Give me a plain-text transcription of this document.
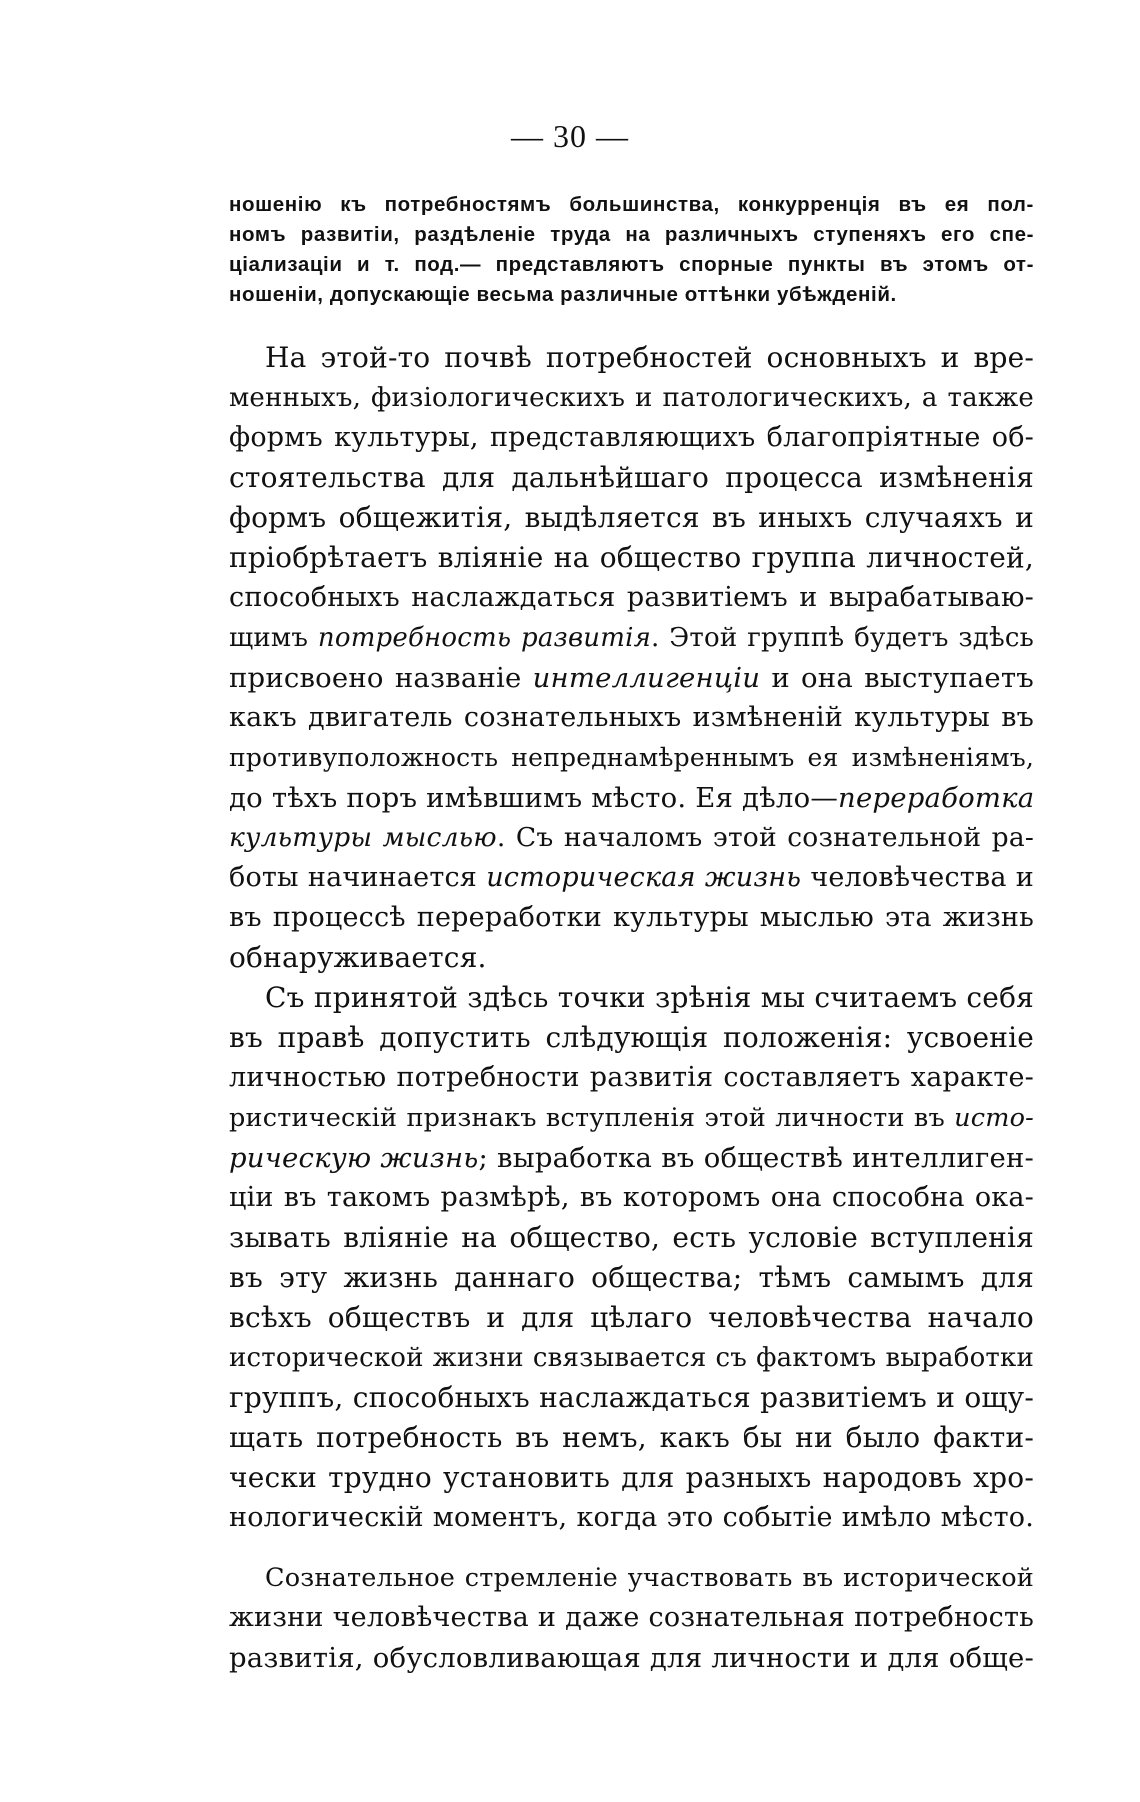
— 30 —
ношенію къ потребностямъ большинства, конкурренція въ ея пол-
номъ развитіи, раздѣленіе труда на различныхъ ступеняхъ его спе-
ціализаціи и т. под.— представляютъ спорные пункты въ этомъ от-
ношеніи, допускающіе весьма различные оттѣнки убѣжденій.
На этой-то почвѣ потребностей основныхъ и вре-
менныхъ, физіологическихъ и патологическихъ, а также
формъ культуры, представляющихъ благопріятные об-
стоятельства для дальнѣйшаго процесса измѣненія
формъ общежитія, выдѣляется въ иныхъ случаяхъ и
пріобрѣтаетъ вліяніе на общество группа личностей,
способныхъ наслаждаться развитіемъ и вырабатываю-
щимъ потребность развитія. Этой группѣ будетъ здѣсь
присвоено названіе интеллигенціи и она выступаетъ
какъ двигатель сознательныхъ измѣненій культуры въ
противуположность непреднамѣреннымъ ея измѣненіямъ,
до тѣхъ поръ имѣвшимъ мѣсто. Ея дѣло—переработка
культуры мыслью. Съ началомъ этой сознательной ра-
боты начинается историческая жизнь человѣчества и
въ процессѣ переработки культуры мыслью эта жизнь
обнаруживается.
Съ принятой здѣсь точки зрѣнія мы считаемъ себя
въ правѣ допустить слѣдующія положенія: усвоеніе
личностью потребности развитія составляетъ характе-
ристическій признакъ вступленія этой личности въ исто-
рическую жизнь; выработка въ обществѣ интеллиген-
ціи въ такомъ размѣрѣ, въ которомъ она способна ока-
зывать вліяніе на общество, есть условіе вступленія
въ эту жизнь даннаго общества; тѣмъ самымъ для
всѣхъ обществъ и для цѣлаго человѣчества начало
исторической жизни связывается съ фактомъ выработки
группъ, способныхъ наслаждаться развитіемъ и ощу-
щать потребность въ немъ, какъ бы ни было факти-
чески трудно установить для разныхъ народовъ хро-
нологическій моментъ, когда это событіе имѣло мѣсто.
Сознательное стремленіе участвовать въ исторической
жизни человѣчества и даже сознательная потребность
развитія, обусловливающая для личности и для обще-
